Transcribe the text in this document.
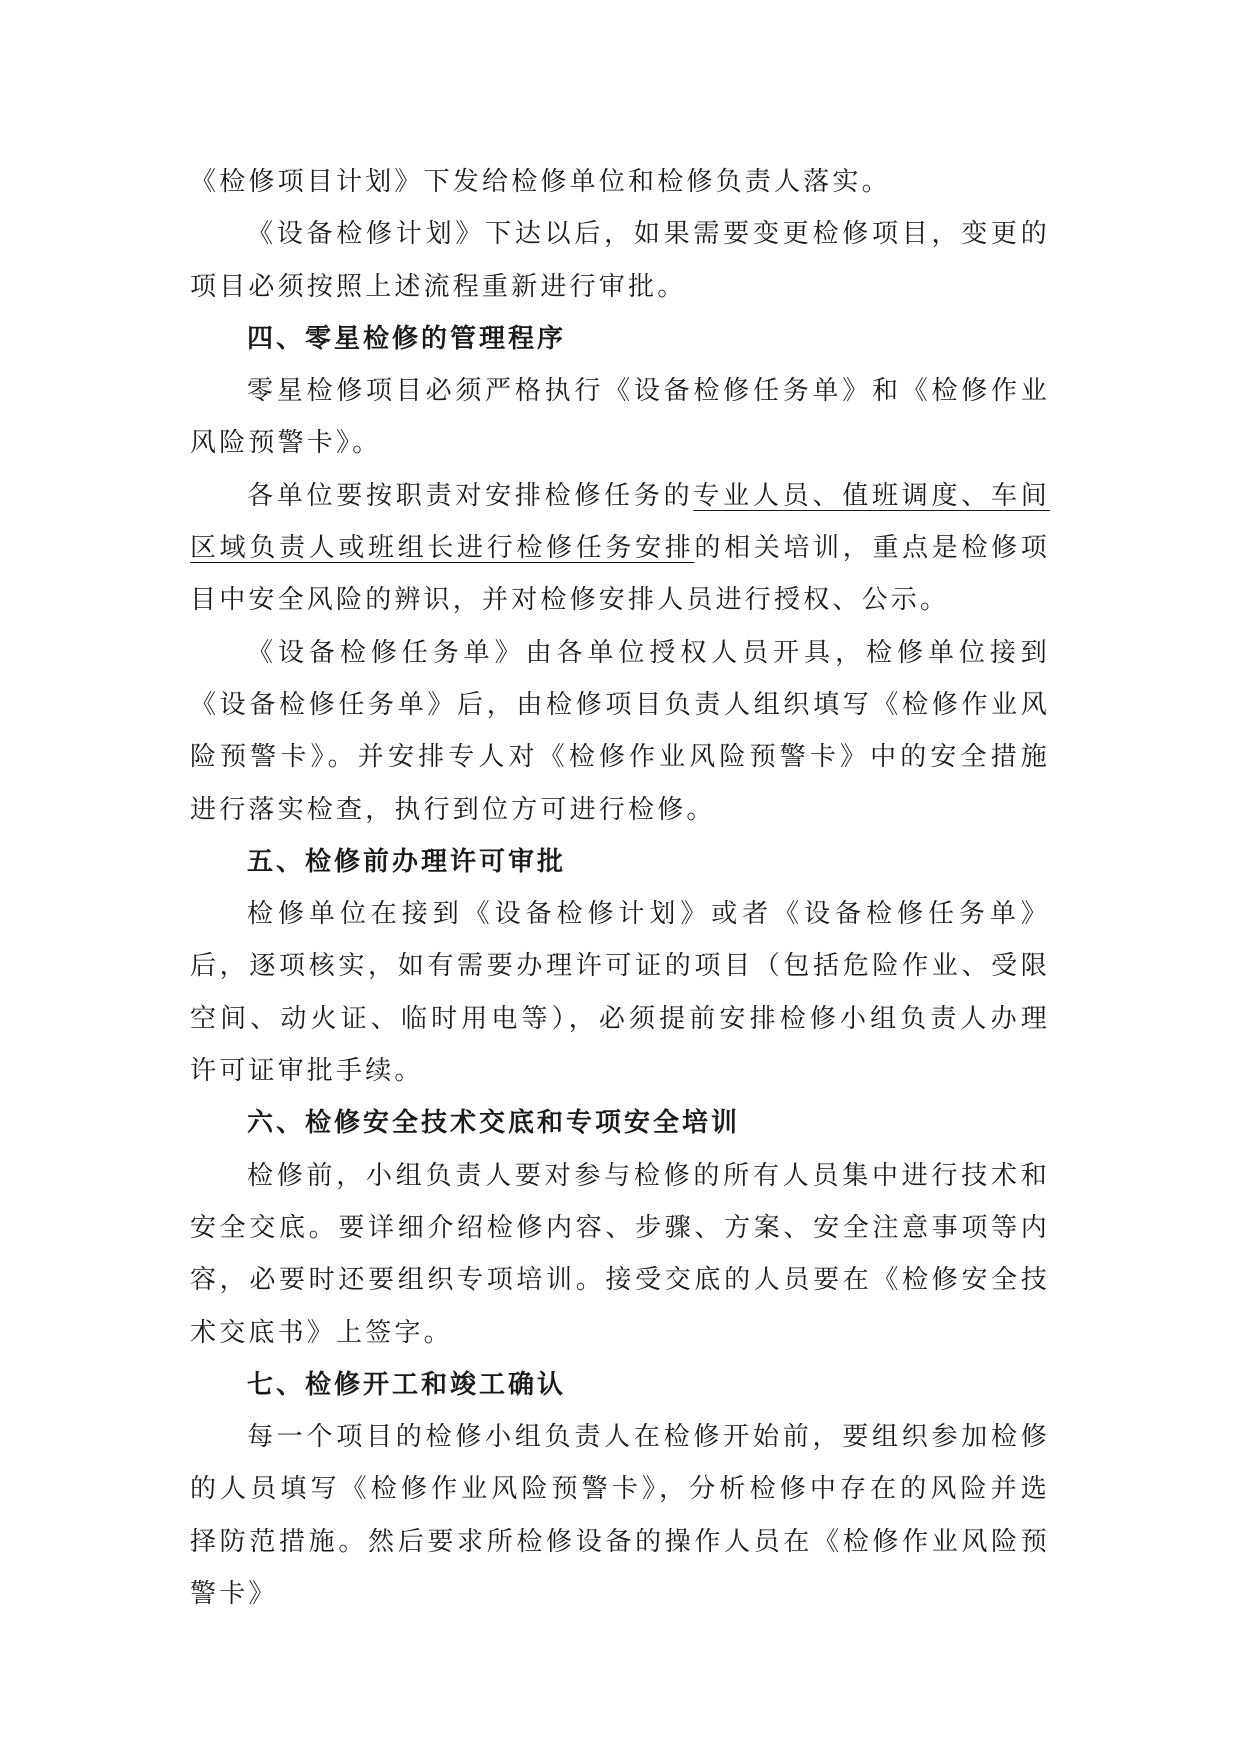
《检修项目计划》下发给检修单位和检修负责人落实。

《设备检修计划》下达以后，如果需要变更检修项目，变更的项目必须按照上述流程重新进行审批。

四、零星检修的管理程序

零星检修项目必须严格执行《设备检修任务单》和《检修作业风险预警卡》。

各单位要按职责对安排检修任务的专业人员、值班调度、车间区域负责人或班组长进行检修任务安排的相关培训，重点是检修项目中安全风险的辨识，并对检修安排人员进行授权、公示。

《设备检修任务单》由各单位授权人员开具，检修单位接到《设备检修任务单》后，由检修项目负责人组织填写《检修作业风险预警卡》。并安排专人对《检修作业风险预警卡》中的安全措施进行落实检查，执行到位方可进行检修。

五、检修前办理许可审批

检修单位在接到《设备检修计划》或者《设备检修任务单》后，逐项核实，如有需要办理许可证的项目（包括危险作业、受限空间、动火证、临时用电等），必须提前安排检修小组负责人办理许可证审批手续。

六、检修安全技术交底和专项安全培训

检修前，小组负责人要对参与检修的所有人员集中进行技术和安全交底。要详细介绍检修内容、步骤、方案、安全注意事项等内容，必要时还要组织专项培训。接受交底的人员要在《检修安全技术交底书》上签字。

七、检修开工和竣工确认

每一个项目的检修小组负责人在检修开始前，要组织参加检修的人员填写《检修作业风险预警卡》，分析检修中存在的风险并选择防范措施。然后要求所检修设备的操作人员在《检修作业风险预警卡》
